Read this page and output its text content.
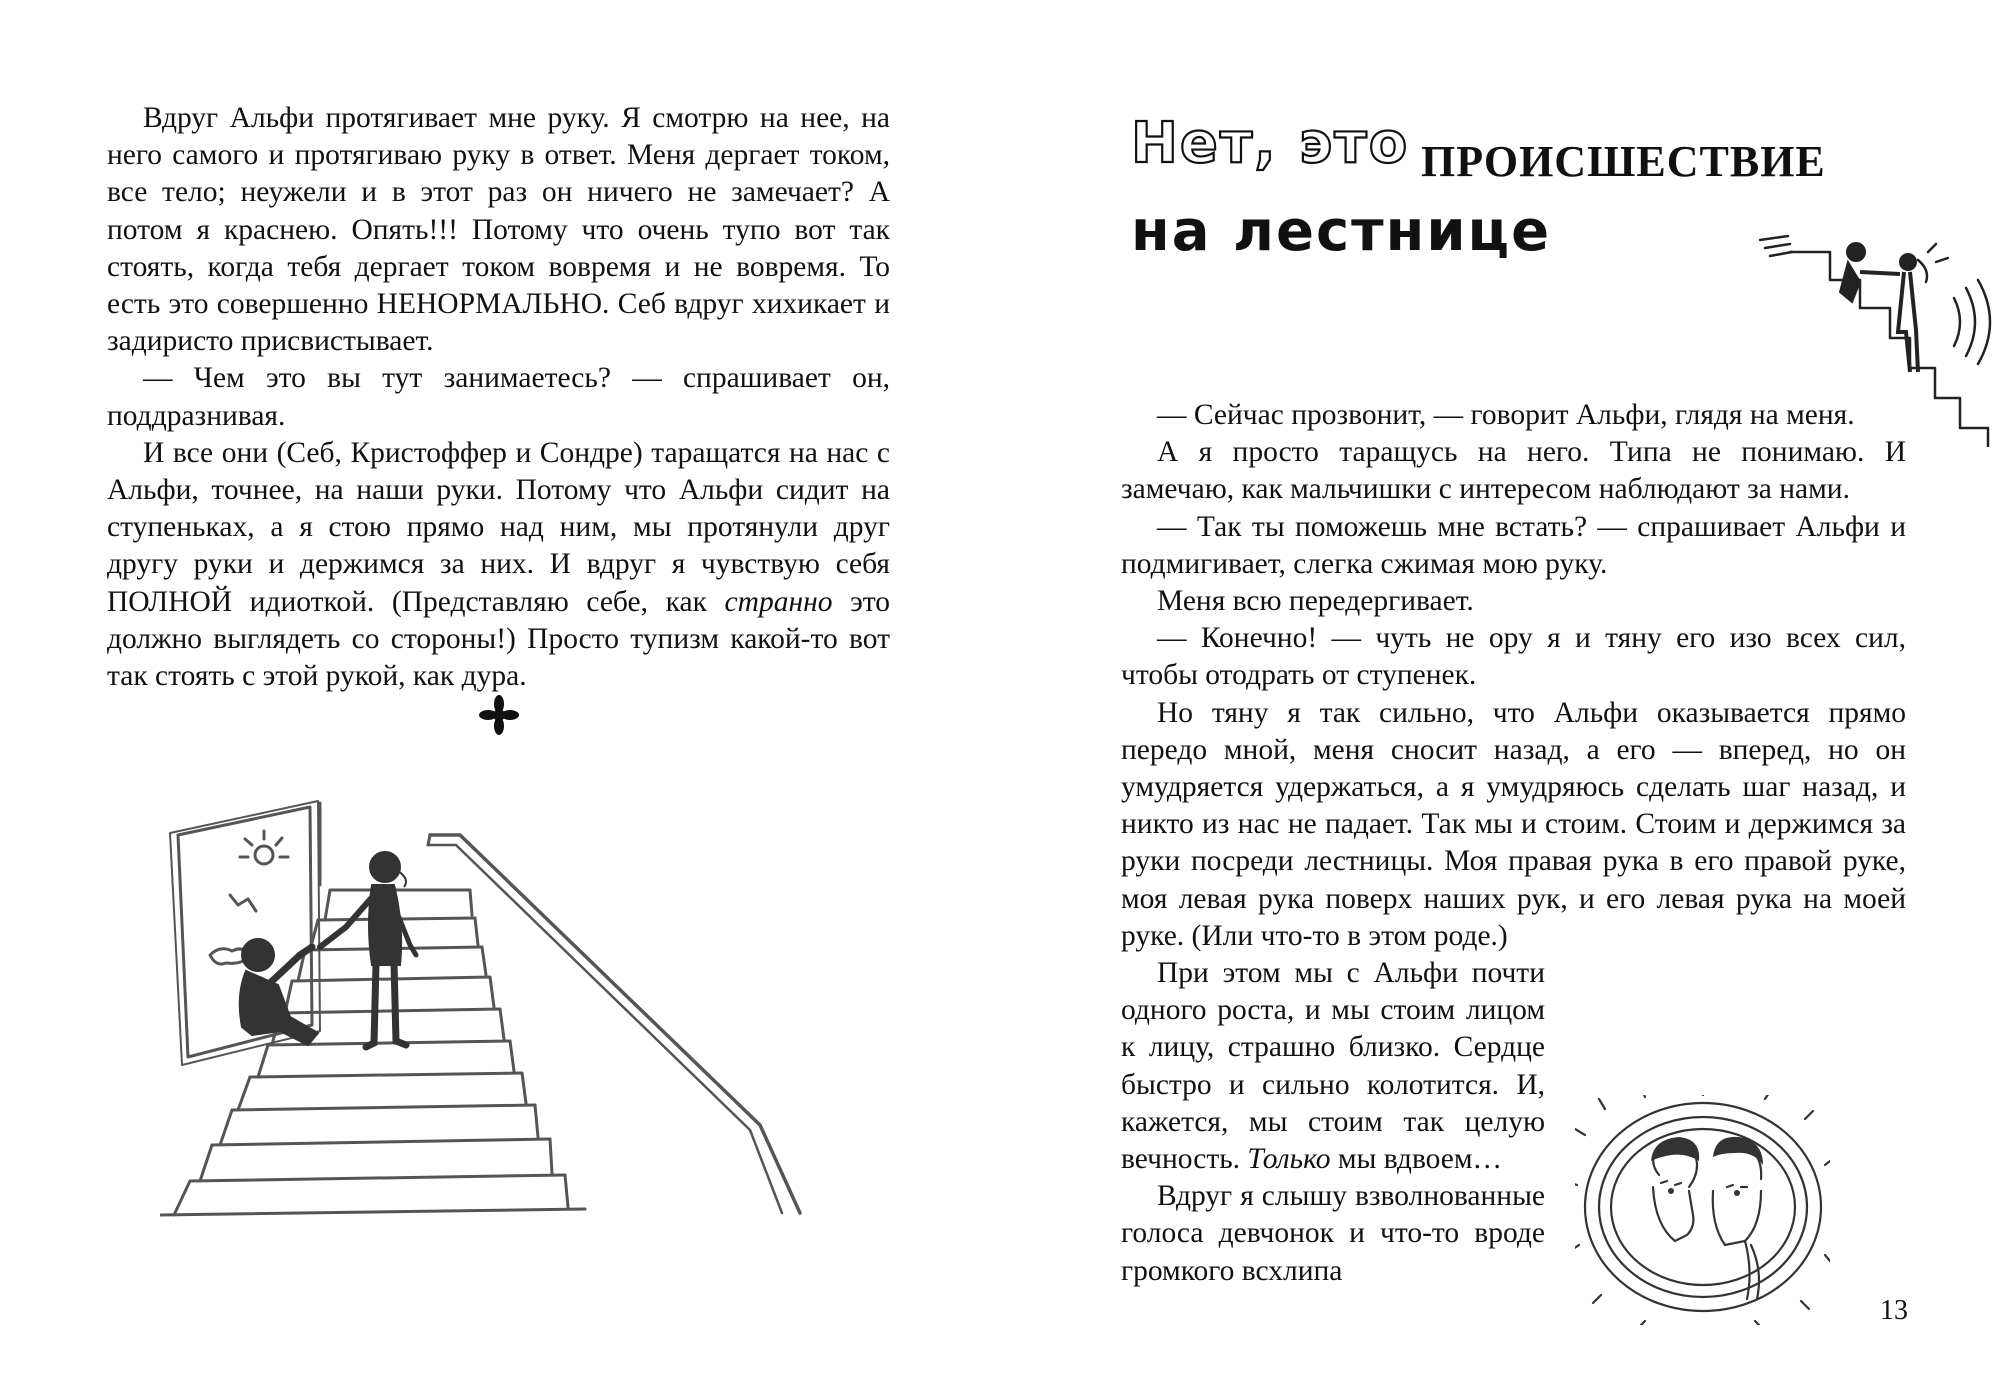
Вдруг Альфи протягивает мне руку. Я смотрю на нее, на него самого и протягиваю руку в ответ. Меня дергает током, все тело; неужели и в этот раз он ничего не замечает? А потом я краснею. Опять!!! Потому что очень тупо вот так стоять, когда тебя дергает током вовремя и не вовремя. То есть это совершенно НЕНОРМАЛЬНО. Себ вдруг хихикает и задиристо присвистывает.

— Чем это вы тут занимаетесь? — спрашивает он, поддразнивая.

И все они (Себ, Кристоффер и Сондре) таращатся на нас с Альфи, точнее, на наши руки. Потому что Альфи сидит на ступеньках, а я стою прямо над ним, мы протянули друг другу руки и держимся за них. И вдруг я чувствую себя ПОЛНОЙ идиоткой. (Представляю себе, как странно это должно выглядеть со стороны!) Просто тупизм какой-то вот так стоять с этой рукой, как дура.

Нет, это ПРОИСШЕСТВИЕ
на лестнице

— Сейчас прозвонит, — говорит Альфи, глядя на меня.

А я просто таращусь на него. Типа не понимаю. И замечаю, как мальчишки с интересом наблюдают за нами.

— Так ты поможешь мне встать? — спрашивает Альфи и подмигивает, слегка сжимая мою руку.

Меня всю передергивает.

— Конечно! — чуть не ору я и тяну его изо всех сил, чтобы отодрать от ступенек.

Но тяну я так сильно, что Альфи оказывается прямо передо мной, меня сносит назад, а его — вперед, но он умудряется удержаться, а я умудряюсь сделать шаг назад, и никто из нас не падает. Так мы и стоим. Стоим и держимся за руки посреди лестницы. Моя правая рука в его правой руке, моя левая рука поверх наших рук, и его левая рука на моей руке. (Или что-то в этом роде.)

При этом мы с Альфи почти одного роста, и мы стоим лицом к лицу, страшно близко. Сердце быстро и сильно колотится. И, кажется, мы стоим так целую вечность. Только мы вдвоем…

Вдруг я слышу взволнованные голоса девчонок и что-то вроде громкого всхлипа

13
